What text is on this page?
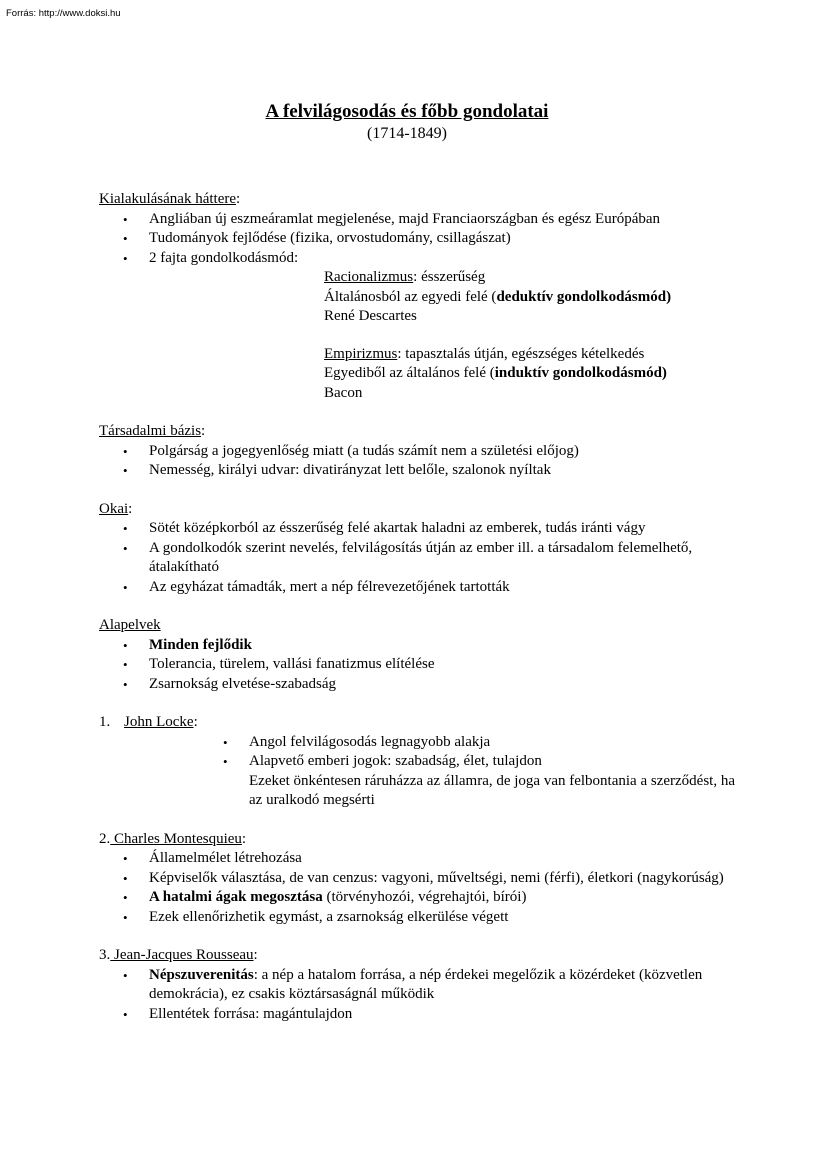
Forrás: http://www.doksi.hu
A felvilágosodás és főbb gondolatai
(1714-1849)
Kialakulásának háttere:
• Angliában új eszmeáramlat megjelenése, majd Franciaországban és egész Európában
• Tudományok fejlődése (fizika, orvostudomány, csillagászat)
• 2 fajta gondolkodásmód:
Racionalizmus: ésszerűség
Általánosból az egyedi felé (deduktív gondolkodásmód)
René Descartes
Empirizmus: tapasztalás útján, egészséges kételkedés
Egyediből az általános felé (induktív gondolkodásmód)
Bacon
Társadalmi bázis:
• Polgárság a jogegyenlőség miatt (a tudás számít nem a születési előjog)
• Nemesség, királyi udvar: divatirányzat lett belőle, szalonok nyíltak
Okai:
• Sötét középkorból az ésszerűség felé akartak haladni az emberek, tudás iránti vágy
• A gondolkodók szerint nevelés, felvilágosítás útján az ember ill. a társadalom felemelhető, átalakítható
• Az egyházat támadták, mert a nép félrevezetőjének tartották
Alapelvek
• Minden fejlődik
• Tolerancia, türelem, vallási fanatizmus elítélése
• Zsarnokság elvetése-szabadság
1. John Locke:
• Angol felvilágosodás legnagyobb alakja
• Alapvető emberi jogok: szabadság, élet, tulajdon
Ezeket önkéntesen ráruházza az államra, de joga van felbontania a szerződést, ha az uralkodó megsérti
2. Charles Montesquieu:
• Államelmélet létrehozása
• Képviselők választása, de van cenzus: vagyoni, műveltségi, nemi (férfi), életkori (nagykorúság)
• A hatalmi ágak megosztása (törvényhozói, végrehajtói, bírói)
• Ezek ellenőrizhetik egymást, a zsarnokság elkerülése végett
3. Jean-Jacques Rousseau:
• Népszuverenitás: a nép a hatalom forrása, a nép érdekei megelőzik a közérdeket (közvetlen demokrácia), ez csakis köztársaságnál működik
• Ellentétek forrása: magántulajdon
